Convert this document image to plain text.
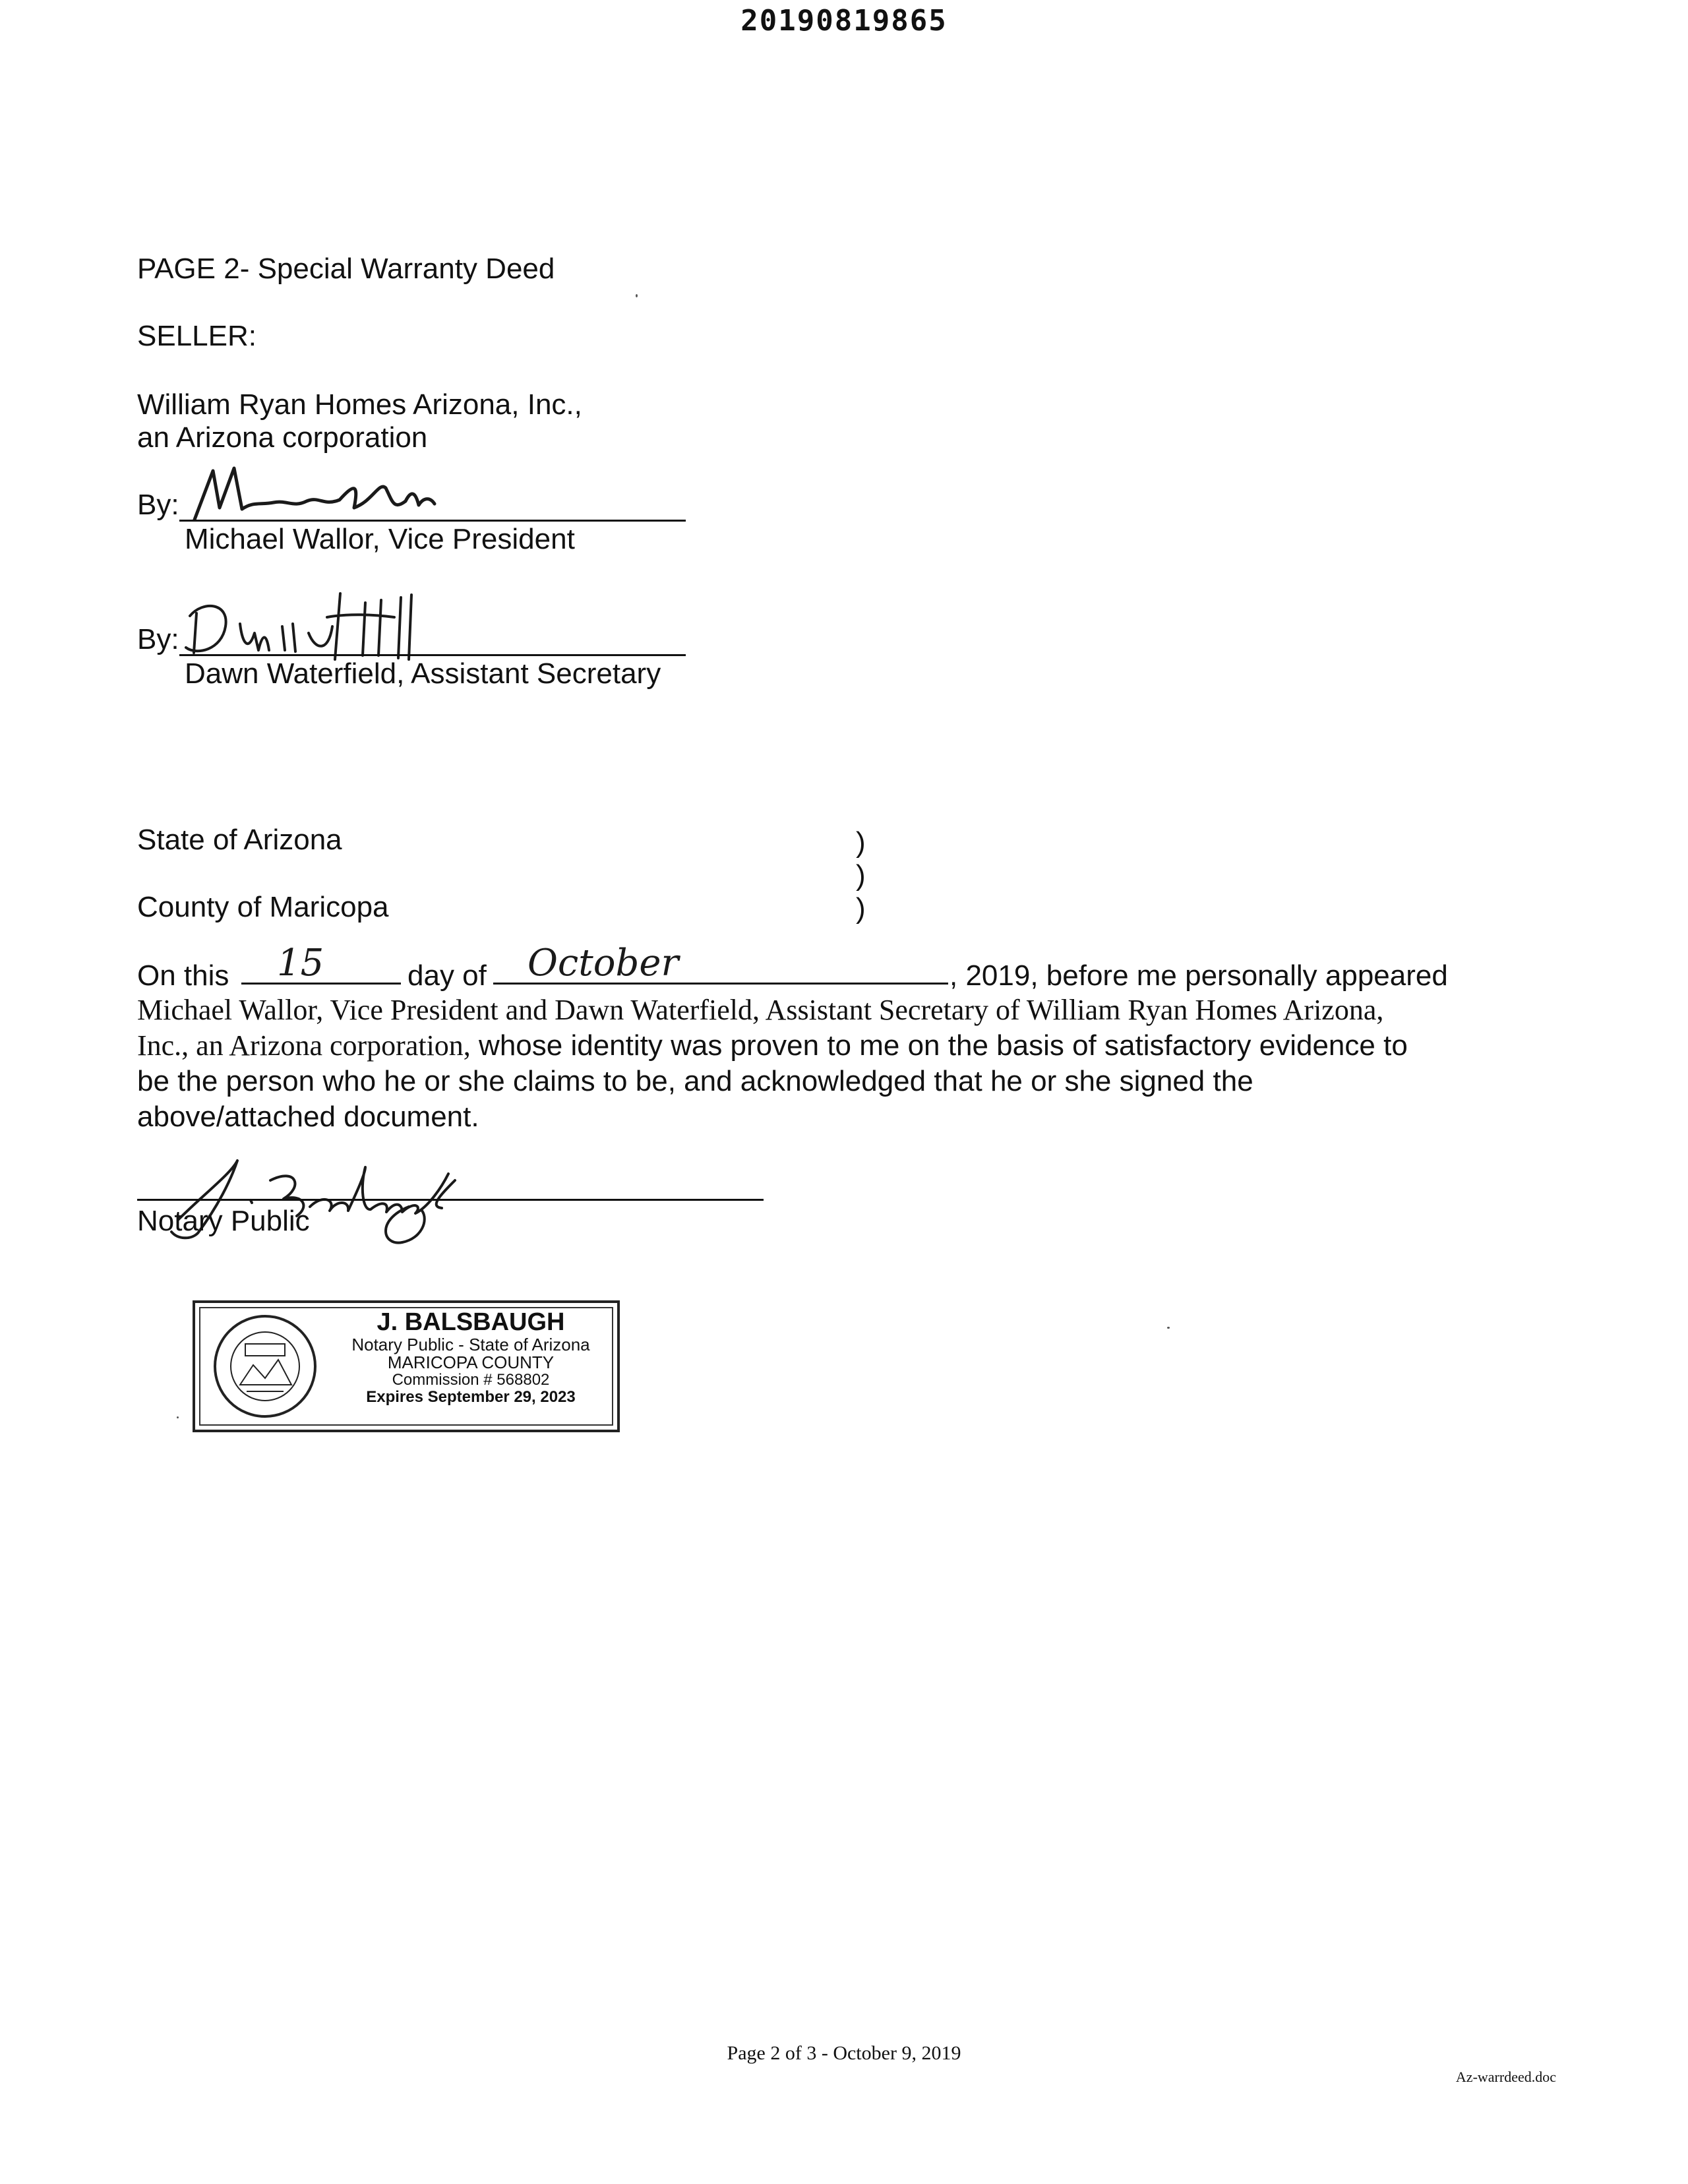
20190819865
PAGE 2- Special Warranty Deed
SELLER:
William Ryan Homes Arizona, Inc.,
an Arizona corporation
By:
Michael Wallor, Vice President
By:
Dawn Waterfield, Assistant Secretary
State of Arizona
County of Maricopa
)
)
)
On this 15	day of October	, 2019, before me personally appeared
Michael Wallor, Vice President and Dawn Waterfield, Assistant Secretary of William Ryan Homes Arizona,
Inc., an Arizona corporation, whose identity was proven to me on the basis of satisfactory evidence to
be the person who he or she claims to be, and acknowledged that he or she signed the
above/attached document.
Notary Public
J. BALSBAUGH
Notary Public - State of Arizona
MARICOPA COUNTY
Commission # 568802
Expires September 29, 2023
Page 2 of 3 - October 9, 2019
Az-warrdeed.doc
